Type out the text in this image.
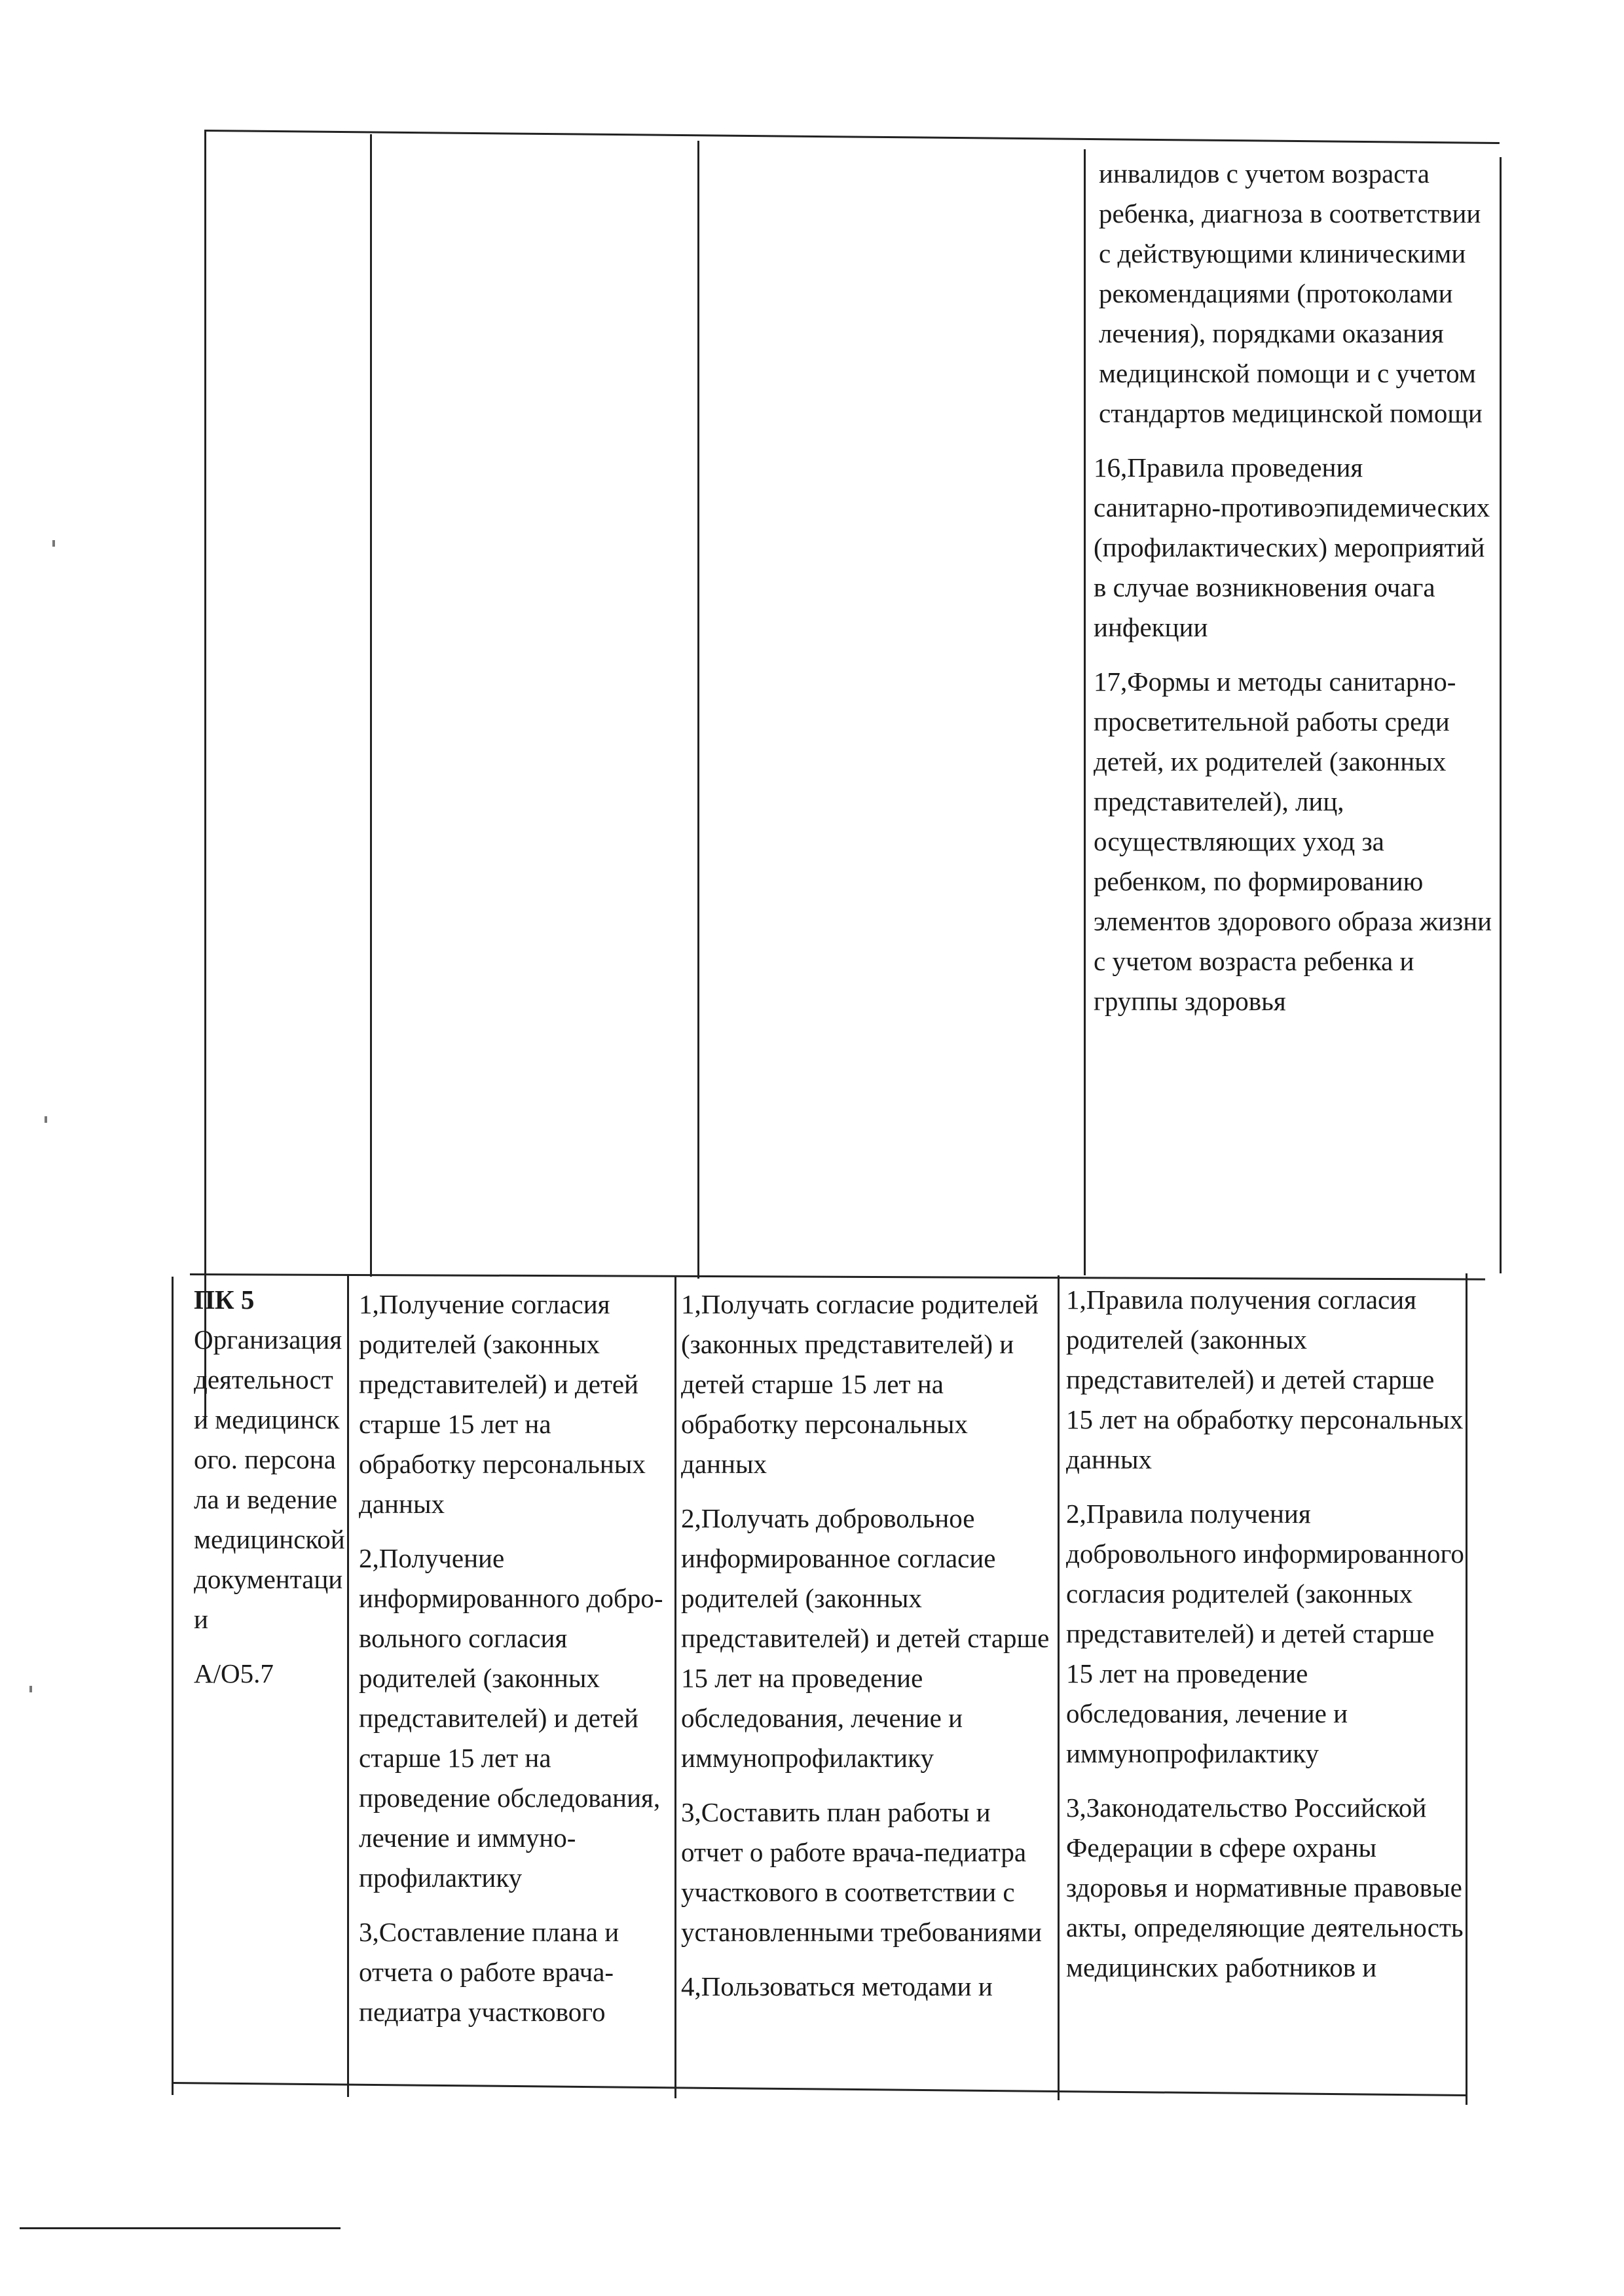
инвалидов с учетом возраста ребенка, диагноза в соответствии с действующими клиническими рекомендациями (протоколами лечения), порядками оказания медицинской помощи и с учетом стандартов медицинской помощи

16,Правила проведения санитарно-противоэпидемических (профилактических) мероприятий в случае возникновения очага инфекции

17,Формы и методы санитарно-просветительной работы среди детей, их родителей (законных представителей), лиц, осуществляющих уход за ребенком, по формированию элементов здорового образа жизни с учетом возраста ребенка и группы здоровья

ПК 5
Организация деятельности медицинского. персонала и ведение медицинской документации
А/О5.7

1,Получение согласия родителей (законных представителей) и детей старше 15 лет на обработку персональных данных

2,Получение информированного добро-вольного согласия родителей (законных представителей) и детей старше 15 лет на проведение обследования, лечение и иммуно-профилактику

3,Составление плана и отчета о работе врача-педиатра участкового

1,Получать согласие родителей (законных представителей) и детей старше 15 лет на обработку персональных данных

2,Получать добровольное информированное согласие родителей (законных представителей) и детей старше 15 лет на проведение обследования, лечение и иммунопрофилактику

3,Составить план работы и отчет о работе врача-педиатра участкового в соответствии с установленными требованиями

4,Пользоваться методами и

1,Правила получения согласия родителей (законных представителей) и детей старше 15 лет на обработку персональных данных

2,Правила получения добровольного информированного согласия родителей (законных представителей) и детей старше 15 лет на проведение обследования, лечение и иммунопрофилактику

3,Законодательство Российской Федерации в сфере охраны здоровья и нормативные правовые акты, определяющие деятельность медицинских работников и
